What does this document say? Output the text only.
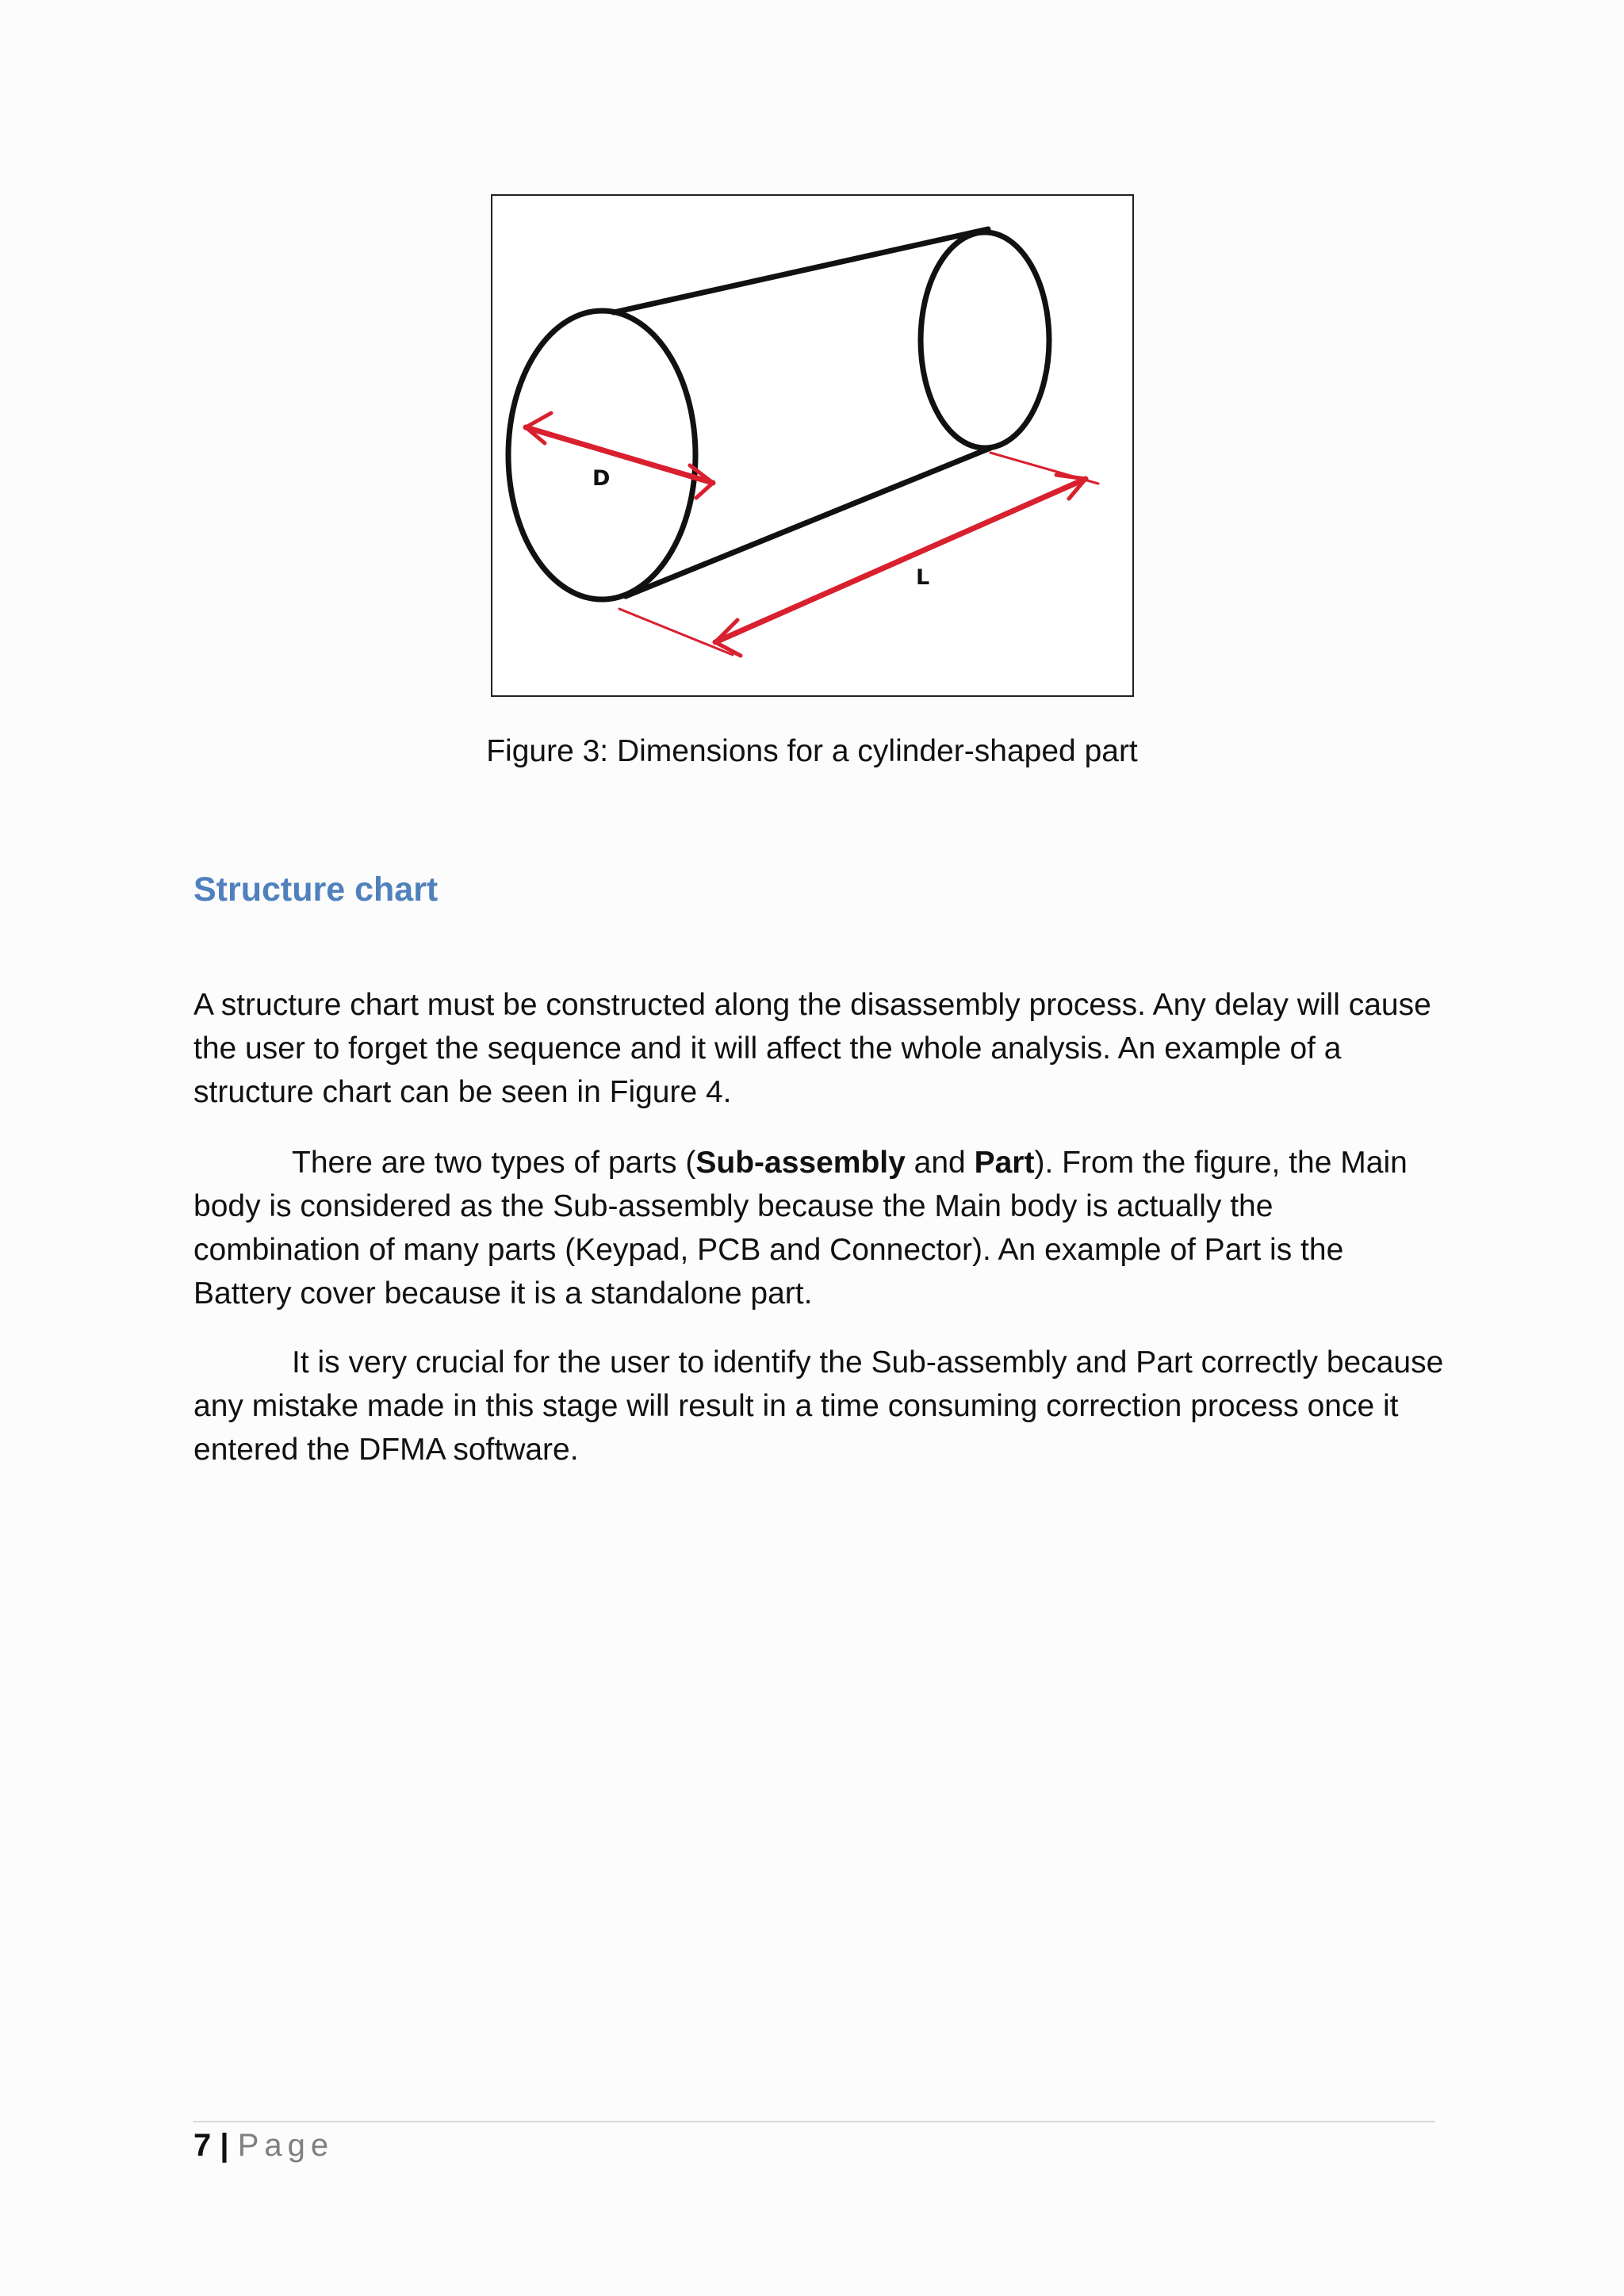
D
L
Figure 3: Dimensions for a cylinder-shaped part
Structure chart

A structure chart must be constructed along the disassembly process. Any delay will cause the user to forget the sequence and it will affect the whole analysis. An example of a structure chart can be seen in Figure 4.

There are two types of parts (Sub-assembly and Part). From the figure, the Main body is considered as the Sub-assembly because the Main body is actually the combination of many parts (Keypad, PCB and Connector). An example of Part is the Battery cover because it is a standalone part.

It is very crucial for the user to identify the Sub-assembly and Part correctly because any mistake made in this stage will result in a time consuming correction process once it entered the DFMA software.

7 | Page
